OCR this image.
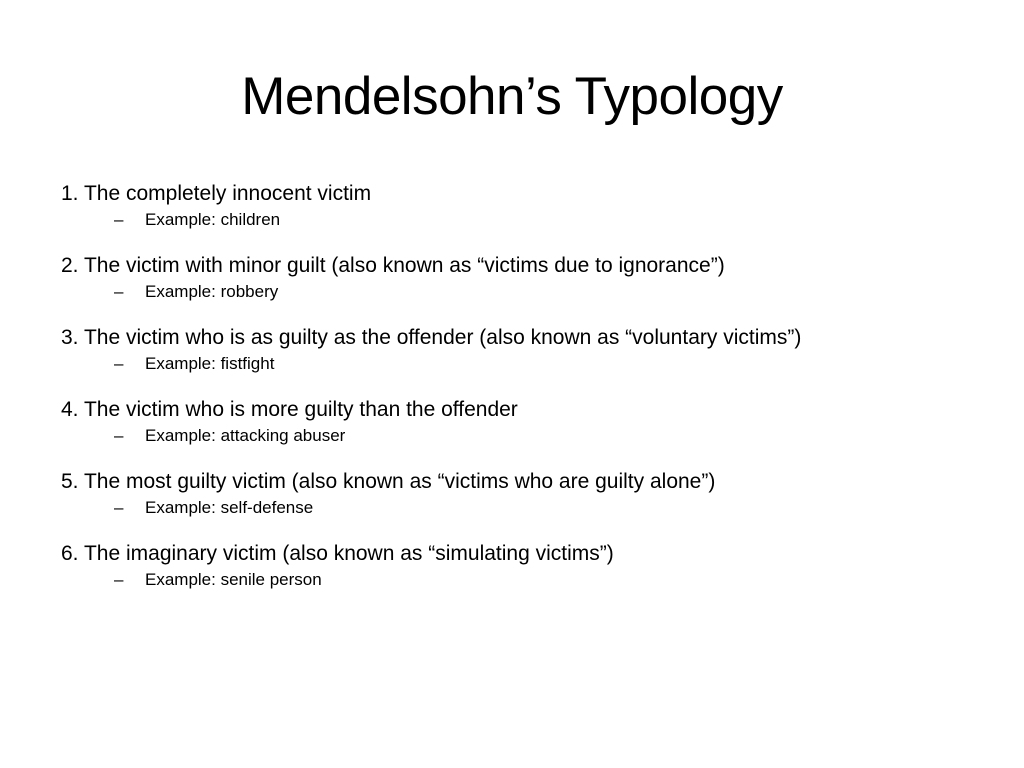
Mendelsohn’s Typology
1. The completely innocent victim
– Example: children
2. The victim with minor guilt (also known as “victims due to ignorance”)
– Example: robbery
3. The victim who is as guilty as the offender (also known as “voluntary victims”)
– Example: fistfight
4. The victim who is more guilty than the offender
– Example: attacking abuser
5. The most guilty victim (also known as “victims who are guilty alone”)
– Example: self-defense
6. The imaginary victim (also known as “simulating victims”)
– Example: senile person
